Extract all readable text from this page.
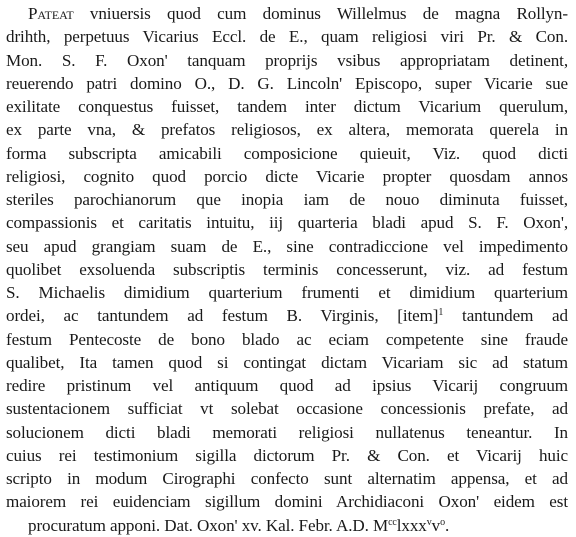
Pateat vniuersis quod cum dominus Willelmus de magna Rollyn-
drihth, perpetuus Vicarius Eccl. de E., quam religiosi viri Pr. & Con.
Mon. S. F. Oxon' tanquam proprijs vsibus appropriatam detinent,
reuerendo patri domino O., D. G. Lincoln' Episcopo, super Vicarie sue
exilitate conquestus fuisset, tandem inter dictum Vicarium querulum,
ex parte vna, & prefatos religiosos, ex altera, memorata querela in
forma subscripta amicabili composicione quieuit, Viz. quod dicti
religiosi, cognito quod porcio dicte Vicarie propter quosdam annos
steriles parochianorum que inopia iam de nouo diminuta fuisset,
compassionis et caritatis intuitu, iij quarteria bladi apud S. F. Oxon',
seu apud grangiam suam de E., sine contradiccione vel impedimento
quolibet exsoluenda subscriptis terminis concesserunt, viz. ad festum
S. Michaelis dimidium quarterium frumenti et dimidium quarterium
ordei, ac tantundem ad festum B. Virginis, [item]$^1$ tantundem ad
festum Pentecoste de bono blado ac eciam competente sine fraude
qualibet, Ita tamen quod si contingat dictam Vicariam sic ad statum
redire pristinum vel antiquum quod ad ipsius Vicarij congruum
sustentacionem sufficiat vt solebat occasione concessionis prefate, ad
solucionem dicti bladi memorati religiosi nullatenus teneantur. In
cuius rei testimonium sigilla dictorum Pr. & Con. et Vicarij huic
scripto in modum Cirographi confecto sunt alternatim appensa, et ad
maiorem rei euidenciam sigillum domini Archidiaconi Oxon' eidem est
procuratum apponi. Dat. Oxon' xv. Kal. Febr. A.D. $M^{cc}lxxx^vv^o$.
